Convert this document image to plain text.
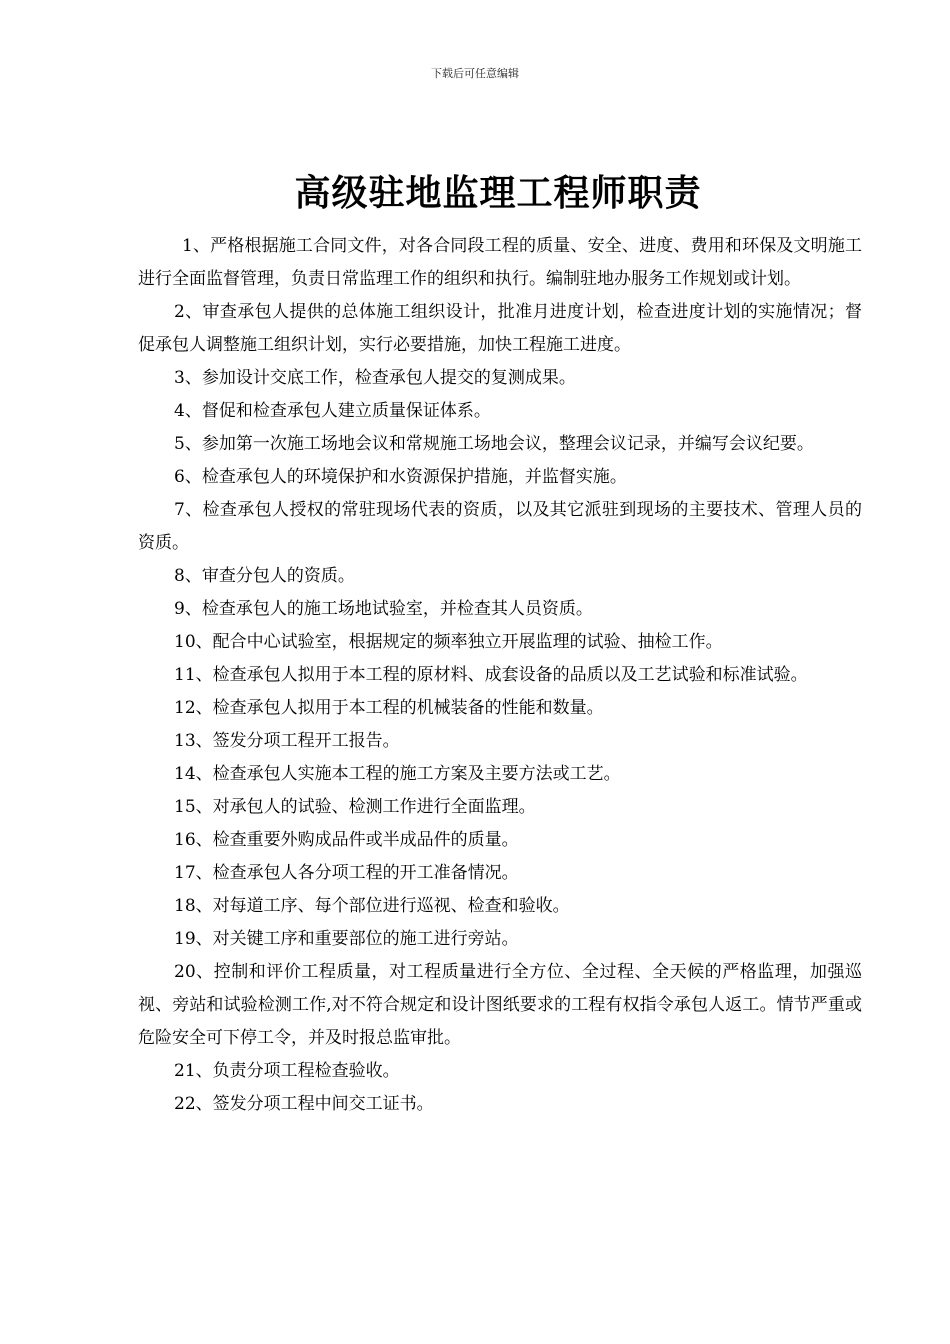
下载后可任意编辑
高级驻地监理工程师职责

1、严格根据施工合同文件，对各合同段工程的质量、安全、进度、费用和环保及文明施工进行全面监督管理，负责日常监理工作的组织和执行。编制驻地办服务工作规划或计划。

2、审查承包人提供的总体施工组织设计，批准月进度计划，检查进度计划的实施情况；督促承包人调整施工组织计划，实行必要措施，加快工程施工进度。

3、参加设计交底工作，检查承包人提交的复测成果。

4、督促和检查承包人建立质量保证体系。

5、参加第一次施工场地会议和常规施工场地会议，整理会议记录，并编写会议纪要。

6、检查承包人的环境保护和水资源保护措施，并监督实施。

7、检查承包人授权的常驻现场代表的资质，以及其它派驻到现场的主要技术、管理人员的资质。

8、审查分包人的资质。

9、检查承包人的施工场地试验室，并检查其人员资质。

10、配合中心试验室，根据规定的频率独立开展监理的试验、抽检工作。

11、检查承包人拟用于本工程的原材料、成套设备的品质以及工艺试验和标准试验。

12、检查承包人拟用于本工程的机械装备的性能和数量。

13、签发分项工程开工报告。

14、检查承包人实施本工程的施工方案及主要方法或工艺。

15、对承包人的试验、检测工作进行全面监理。

16、检查重要外购成品件或半成品件的质量。

17、检查承包人各分项工程的开工准备情况。

18、对每道工序、每个部位进行巡视、检查和验收。

19、对关键工序和重要部位的施工进行旁站。

20、控制和评价工程质量，对工程质量进行全方位、全过程、全天候的严格监理，加强巡视、旁站和试验检测工作,对不符合规定和设计图纸要求的工程有权指令承包人返工。情节严重或危险安全可下停工令，并及时报总监审批。

21、负责分项工程检查验收。

22、签发分项工程中间交工证书。
